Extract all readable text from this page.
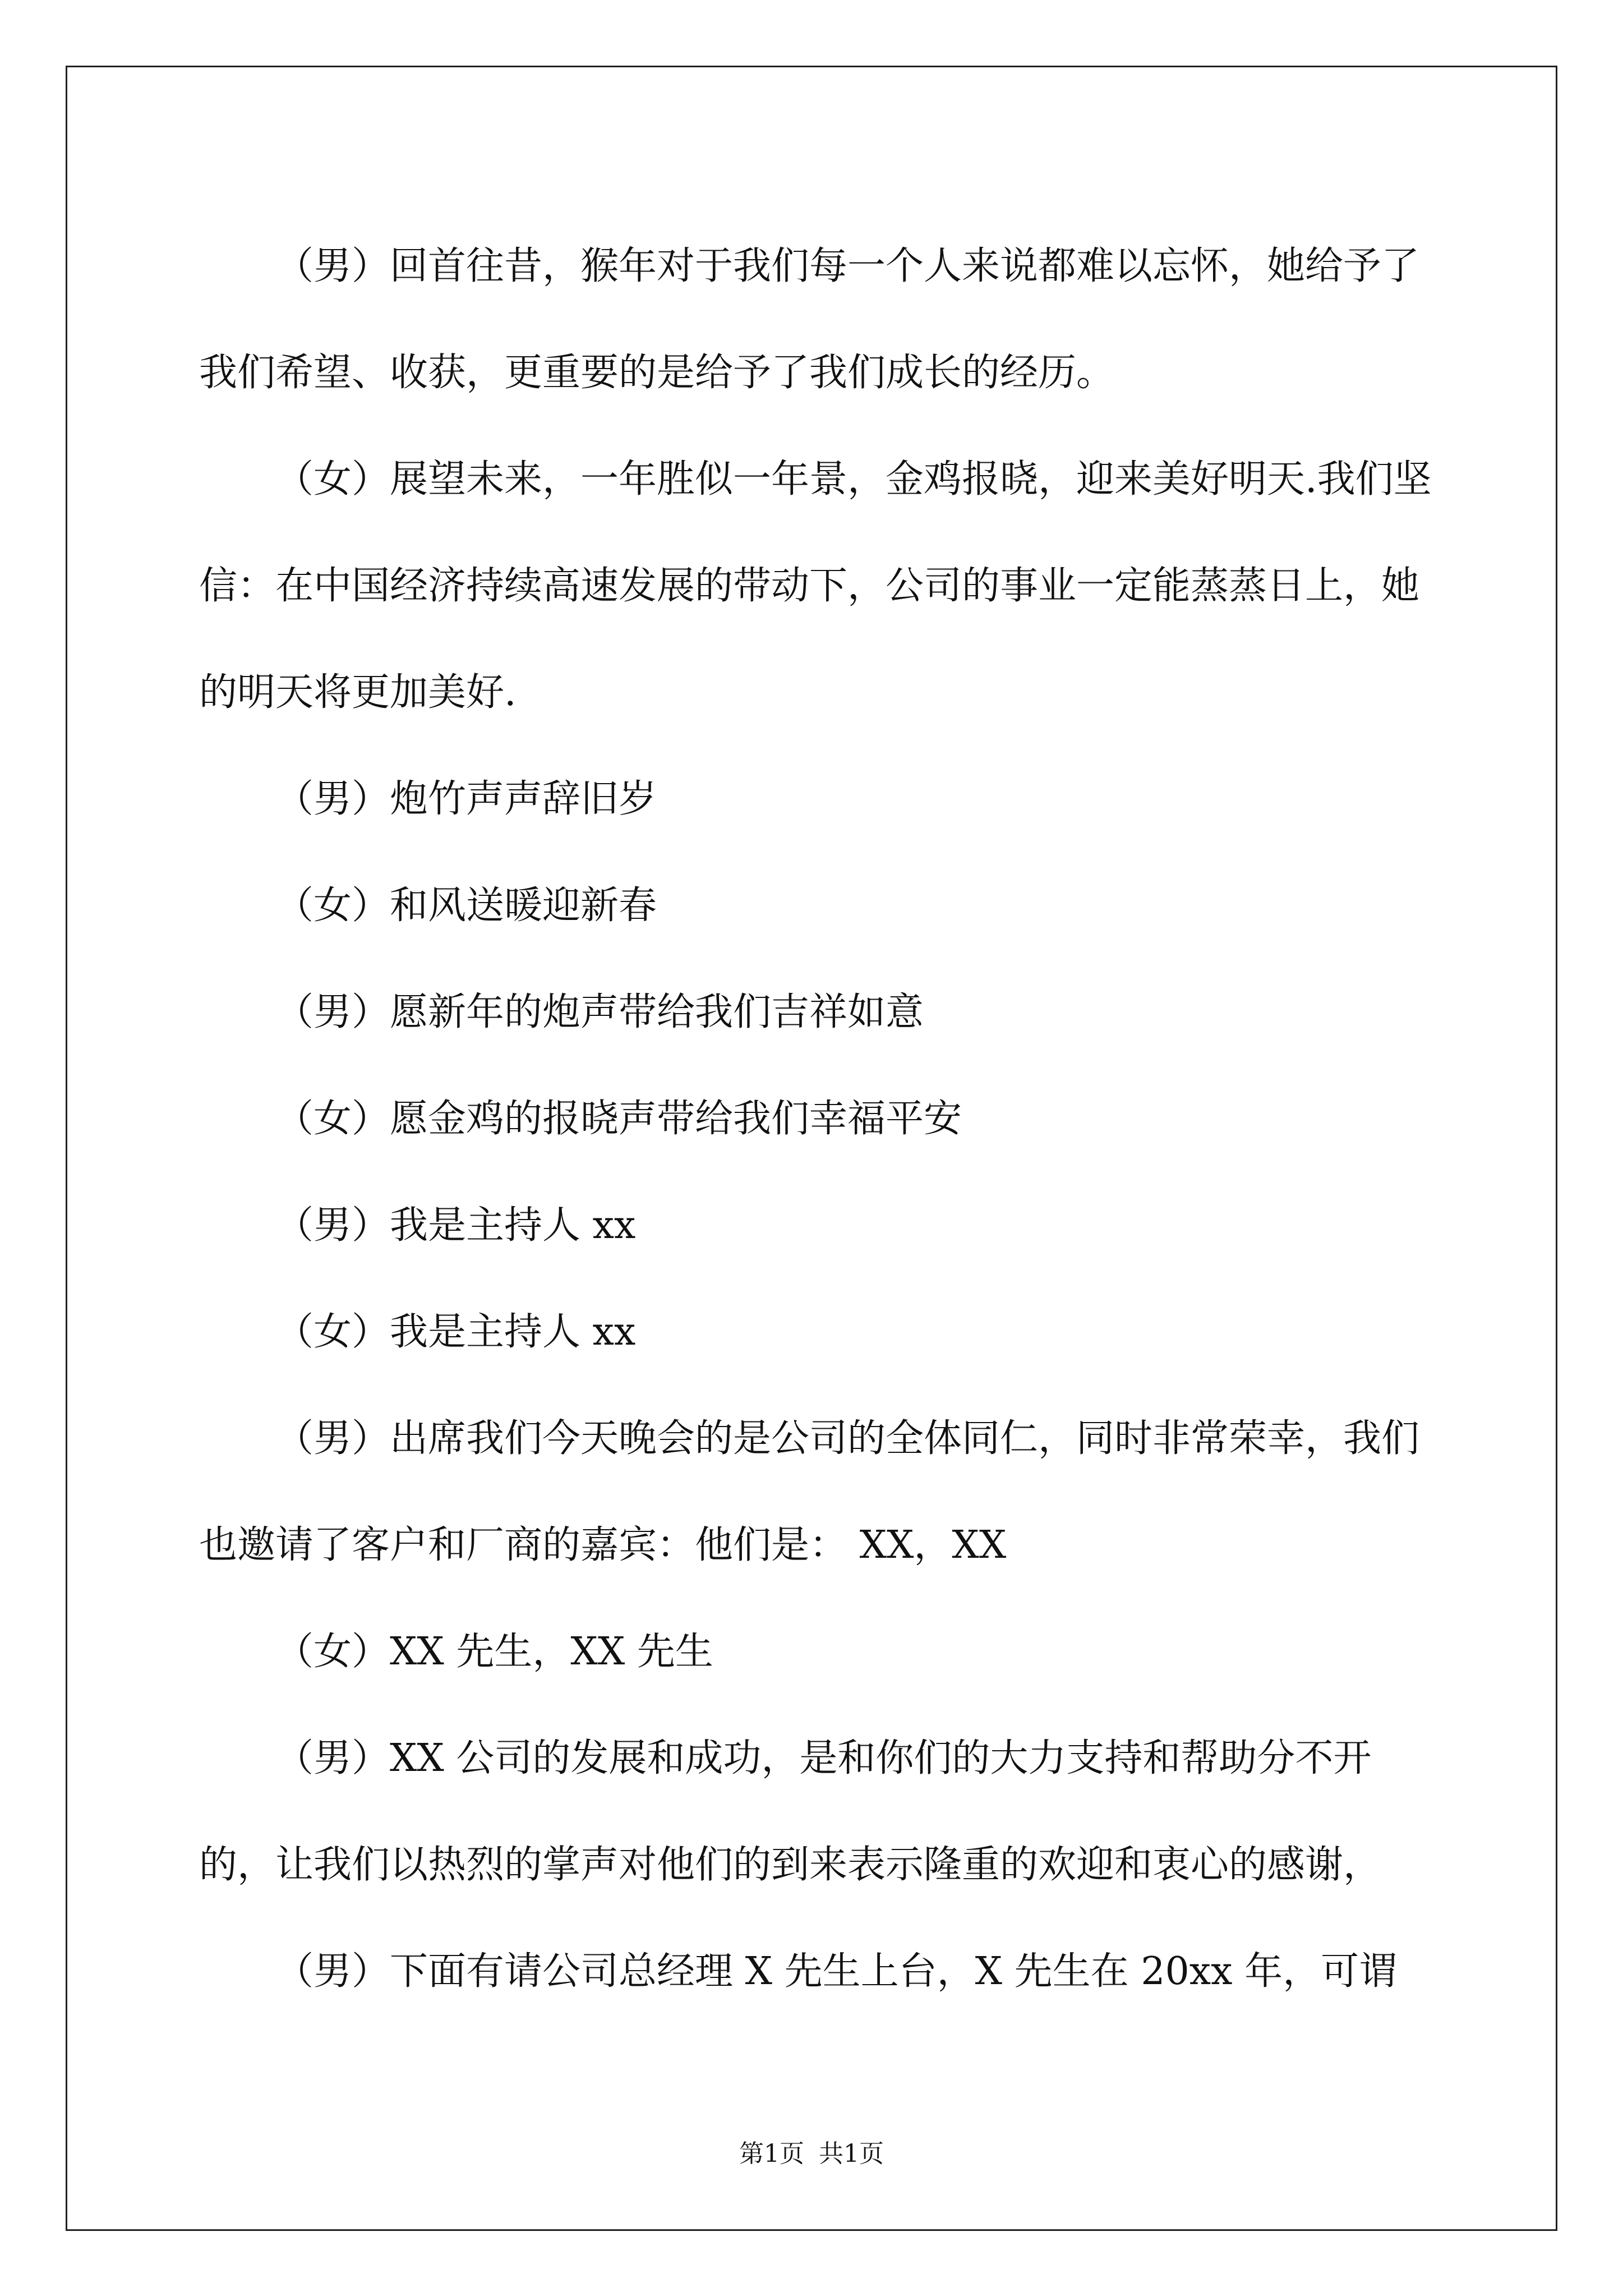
（男）回首往昔，猴年对于我们每一个人来说都难以忘怀，她给予了我们希望、收获，更重要的是给予了我们成长的经历。

（女）展望未来，一年胜似一年景，金鸡报晓，迎来美好明天.我们坚信：在中国经济持续高速发展的带动下，公司的事业一定能蒸蒸日上，她的明天将更加美好.

（男）炮竹声声辞旧岁

（女）和风送暖迎新春

（男）愿新年的炮声带给我们吉祥如意

（女）愿金鸡的报晓声带给我们幸福平安

（男）我是主持人 xx

（女）我是主持人 xx

（男）出席我们今天晚会的是公司的全体同仁，同时非常荣幸，我们也邀请了客户和厂商的嘉宾：他们是： XX，XX

（女）XX 先生，XX 先生

（男）XX 公司的发展和成功，是和你们的大力支持和帮助分不开的，让我们以热烈的掌声对他们的到来表示隆重的欢迎和衷心的感谢，

（男）下面有请公司总经理 X 先生上台，X 先生在 20xx 年，可谓

第1页 共1页
